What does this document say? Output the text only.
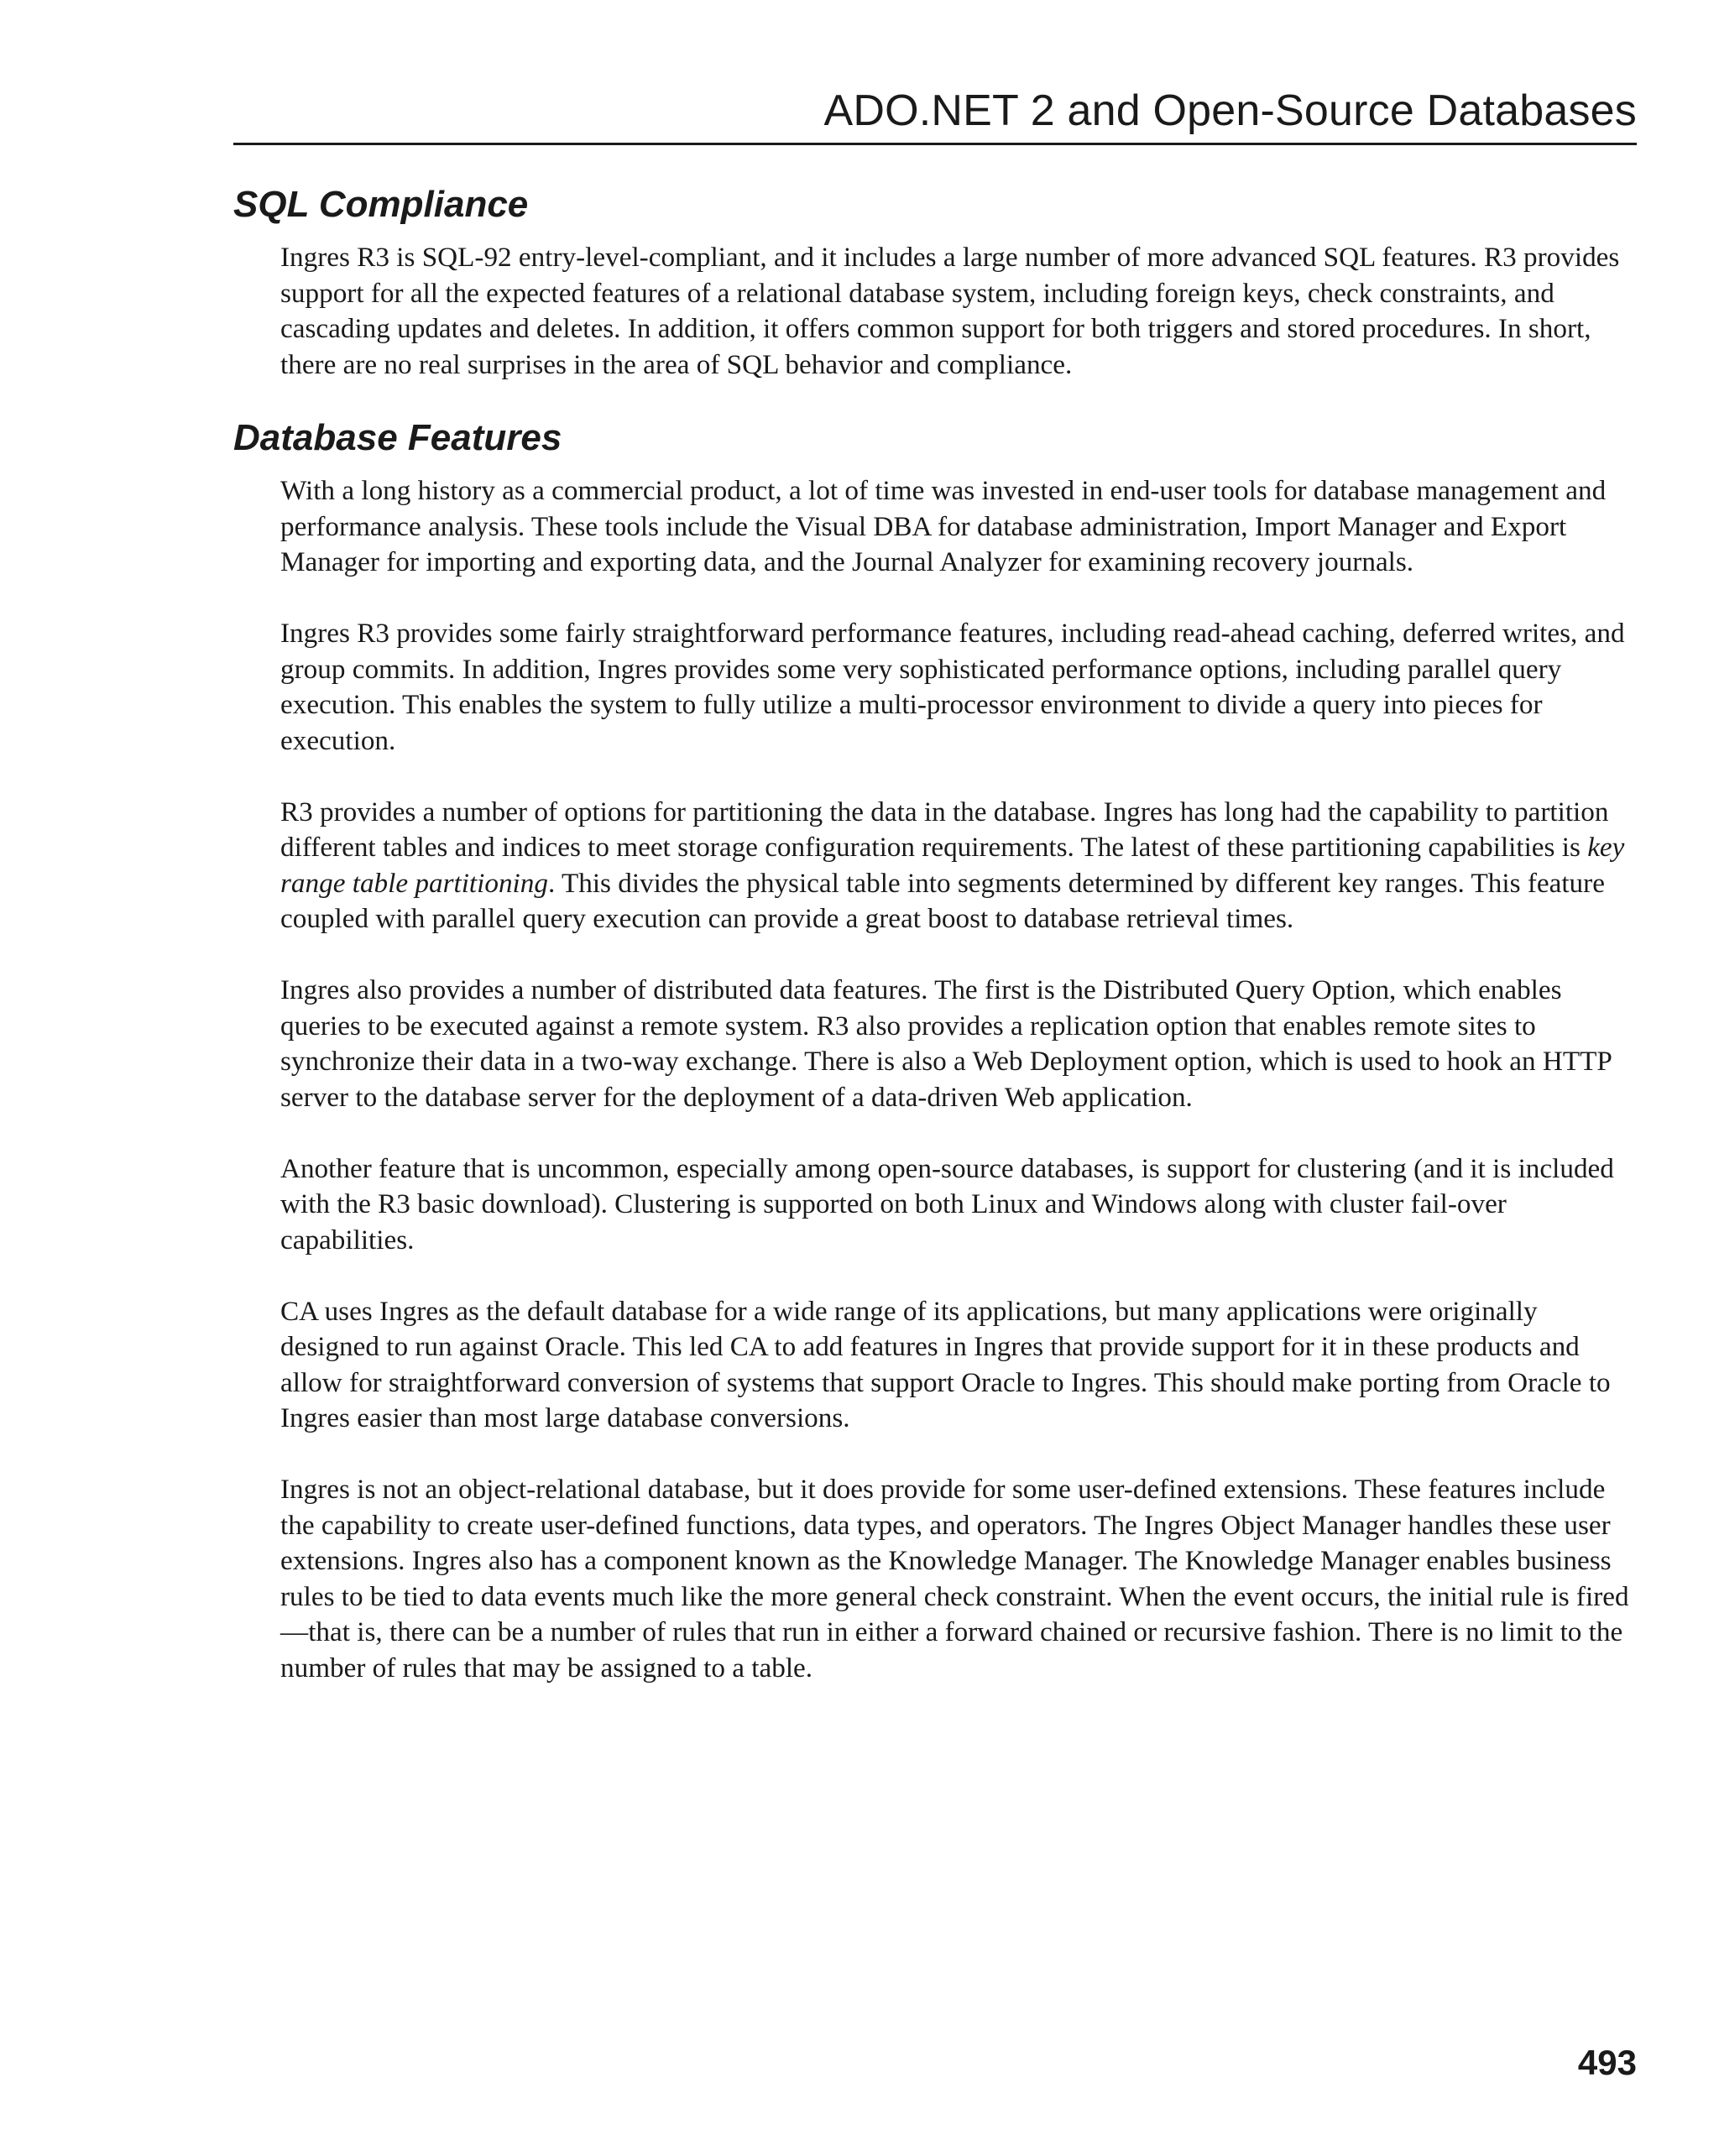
ADO.NET 2 and Open-Source Databases
SQL Compliance

Ingres R3 is SQL-92 entry-level-compliant, and it includes a large number of more advanced SQL features. R3 provides support for all the expected features of a relational database system, including foreign keys, check constraints, and cascading updates and deletes. In addition, it offers common support for both triggers and stored procedures. In short, there are no real surprises in the area of SQL behavior and compliance.

Database Features

With a long history as a commercial product, a lot of time was invested in end-user tools for database management and performance analysis. These tools include the Visual DBA for database administration, Import Manager and Export Manager for importing and exporting data, and the Journal Analyzer for examining recovery journals.

Ingres R3 provides some fairly straightforward performance features, including read-ahead caching, deferred writes, and group commits. In addition, Ingres provides some very sophisticated performance options, including parallel query execution. This enables the system to fully utilize a multi-processor environment to divide a query into pieces for execution.

R3 provides a number of options for partitioning the data in the database. Ingres has long had the capability to partition different tables and indices to meet storage configuration requirements. The latest of these partitioning capabilities is key range table partitioning. This divides the physical table into segments determined by different key ranges. This feature coupled with parallel query execution can provide a great boost to database retrieval times.

Ingres also provides a number of distributed data features. The first is the Distributed Query Option, which enables queries to be executed against a remote system. R3 also provides a replication option that enables remote sites to synchronize their data in a two-way exchange. There is also a Web Deployment option, which is used to hook an HTTP server to the database server for the deployment of a data-driven Web application.

Another feature that is uncommon, especially among open-source databases, is support for clustering (and it is included with the R3 basic download). Clustering is supported on both Linux and Windows along with cluster fail-over capabilities.

CA uses Ingres as the default database for a wide range of its applications, but many applications were originally designed to run against Oracle. This led CA to add features in Ingres that provide support for it in these products and allow for straightforward conversion of systems that support Oracle to Ingres. This should make porting from Oracle to Ingres easier than most large database conversions.

Ingres is not an object-relational database, but it does provide for some user-defined extensions. These features include the capability to create user-defined functions, data types, and operators. The Ingres Object Manager handles these user extensions. Ingres also has a component known as the Knowledge Manager. The Knowledge Manager enables business rules to be tied to data events much like the more general check constraint. When the event occurs, the initial rule is fired—that is, there can be a number of rules that run in either a forward chained or recursive fashion. There is no limit to the number of rules that may be assigned to a table.

493
